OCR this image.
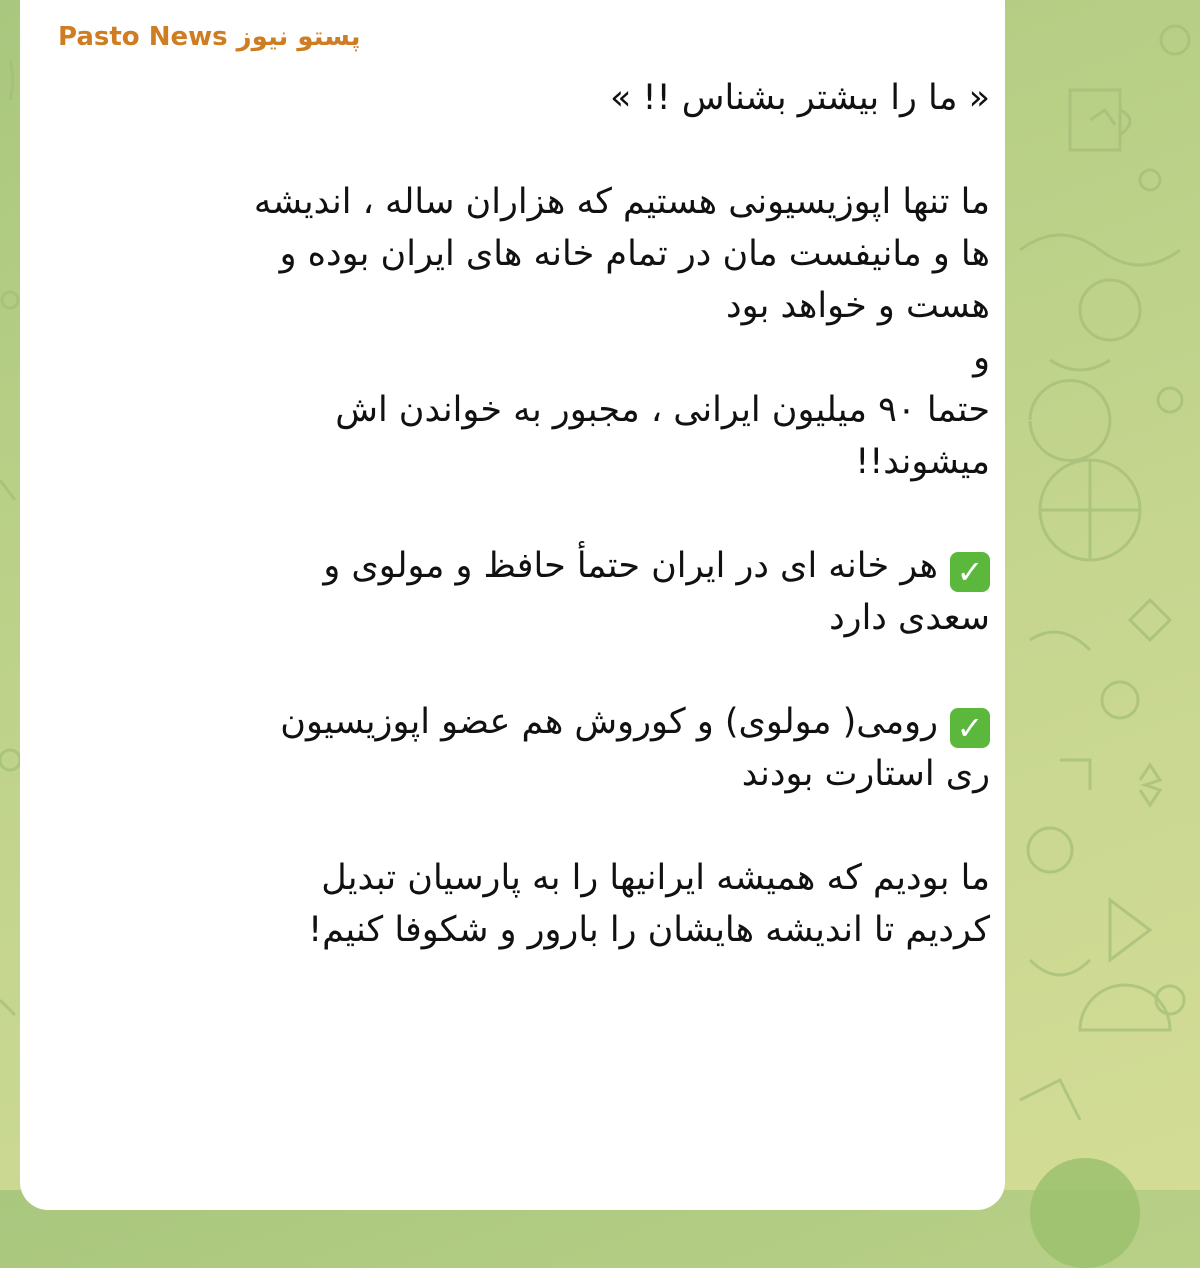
Pasto News پستو نیوز

« ما را بیشتر بشناس !! »

ما تنها اپوزیسیونی هستیم که هزاران ساله ، اندیشه

ها و مانیفست مان در تمام خانه های ایران بوده و

هست و خواهد بود

و

حتما ۹۰ میلیون ایرانی ، مجبور به خواندن اش

میشوند!!

✓هر خانه ای در ایران حتمأ حافظ و مولوی و

سعدی دارد

✓رومی( مولوی) و کوروش هم عضو اپوزیسیون

ری استارت بودند

ما بودیم که همیشه ایرانیها را به پارسیان تبدیل

کردیم تا اندیشه هایشان را بارور و شکوفا کنیم!
